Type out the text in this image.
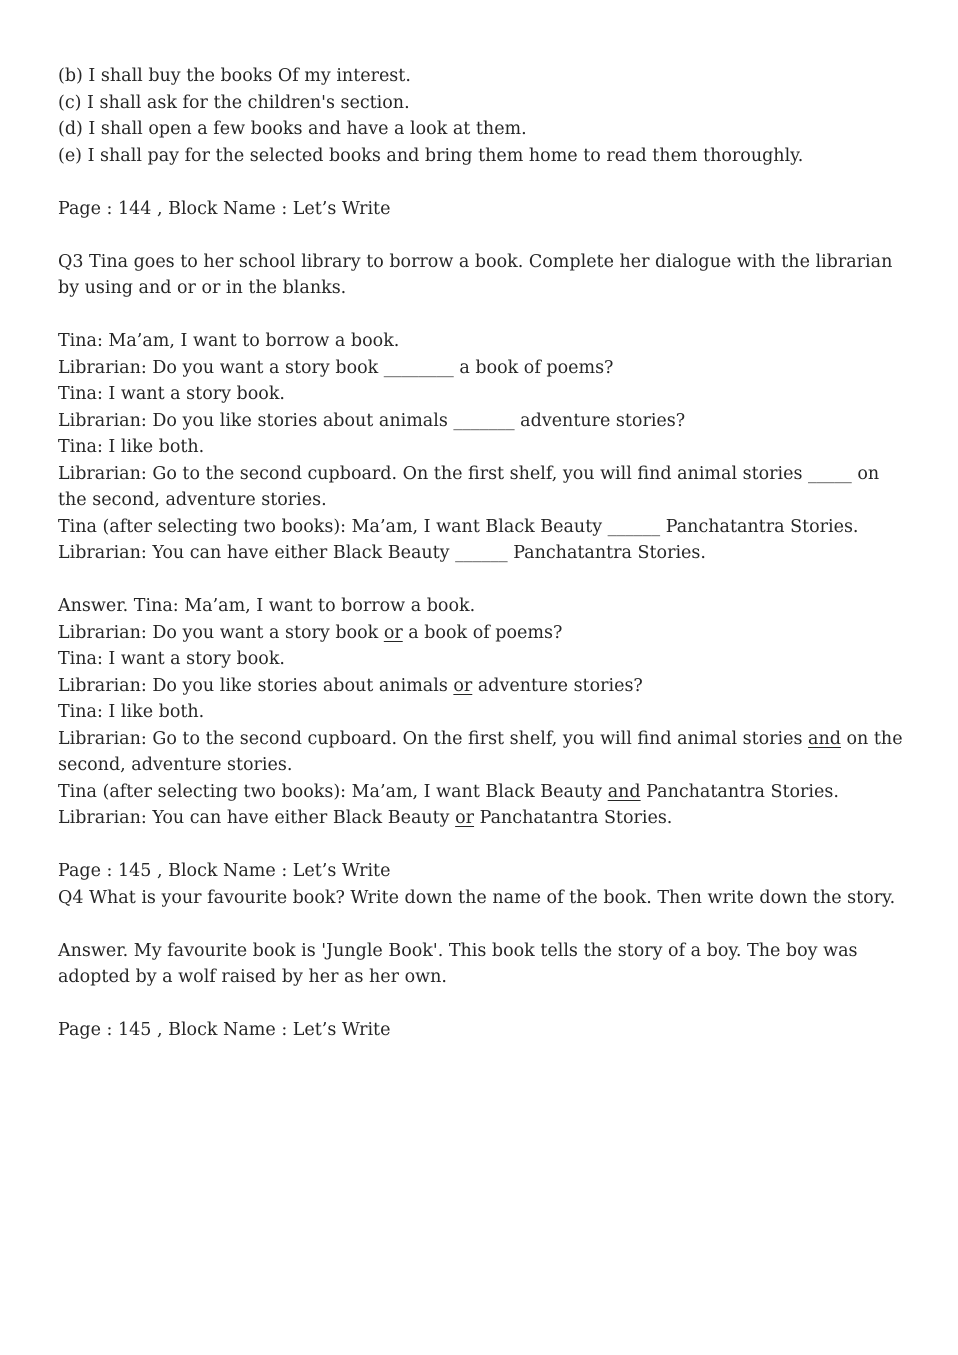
(b) I shall buy the books Of my interest.

(c) I shall ask for the children's section.

(d) I shall open a few books and have a look at them.

(e) I shall pay for the selected books and bring them home to read them thoroughly.

Page : 144 , Block Name : Let’s Write

Q3 Tina goes to her school library to borrow a book. Complete her dialogue with the librarian by using and or or in the blanks.

Tina: Ma’am, I want to borrow a book.

Librarian: Do you want a story book ________ a book of poems?

Tina: I want a story book.

Librarian: Do you like stories about animals _______ adventure stories?

Tina: I like both.

Librarian: Go to the second cupboard. On the first shelf, you will find animal stories _____ on the second, adventure stories.

Tina (after selecting two books): Ma’am, I want Black Beauty ______ Panchatantra Stories.

Librarian: You can have either Black Beauty ______ Panchatantra Stories.

Answer. Tina: Ma’am, I want to borrow a book.

Librarian: Do you want a story book or a book of poems?

Tina: I want a story book.

Librarian: Do you like stories about animals or adventure stories?

Tina: I like both.

Librarian: Go to the second cupboard. On the first shelf, you will find animal stories and on the second, adventure stories.

Tina (after selecting two books): Ma’am, I want Black Beauty and Panchatantra Stories.

Librarian: You can have either Black Beauty or Panchatantra Stories.

Page : 145 , Block Name : Let’s Write

Q4 What is your favourite book? Write down the name of the book. Then write down the story.

Answer. My favourite book is 'Jungle Book'. This book tells the story of a boy. The boy was adopted by a wolf raised by her as her own.

Page : 145 , Block Name : Let’s Write
